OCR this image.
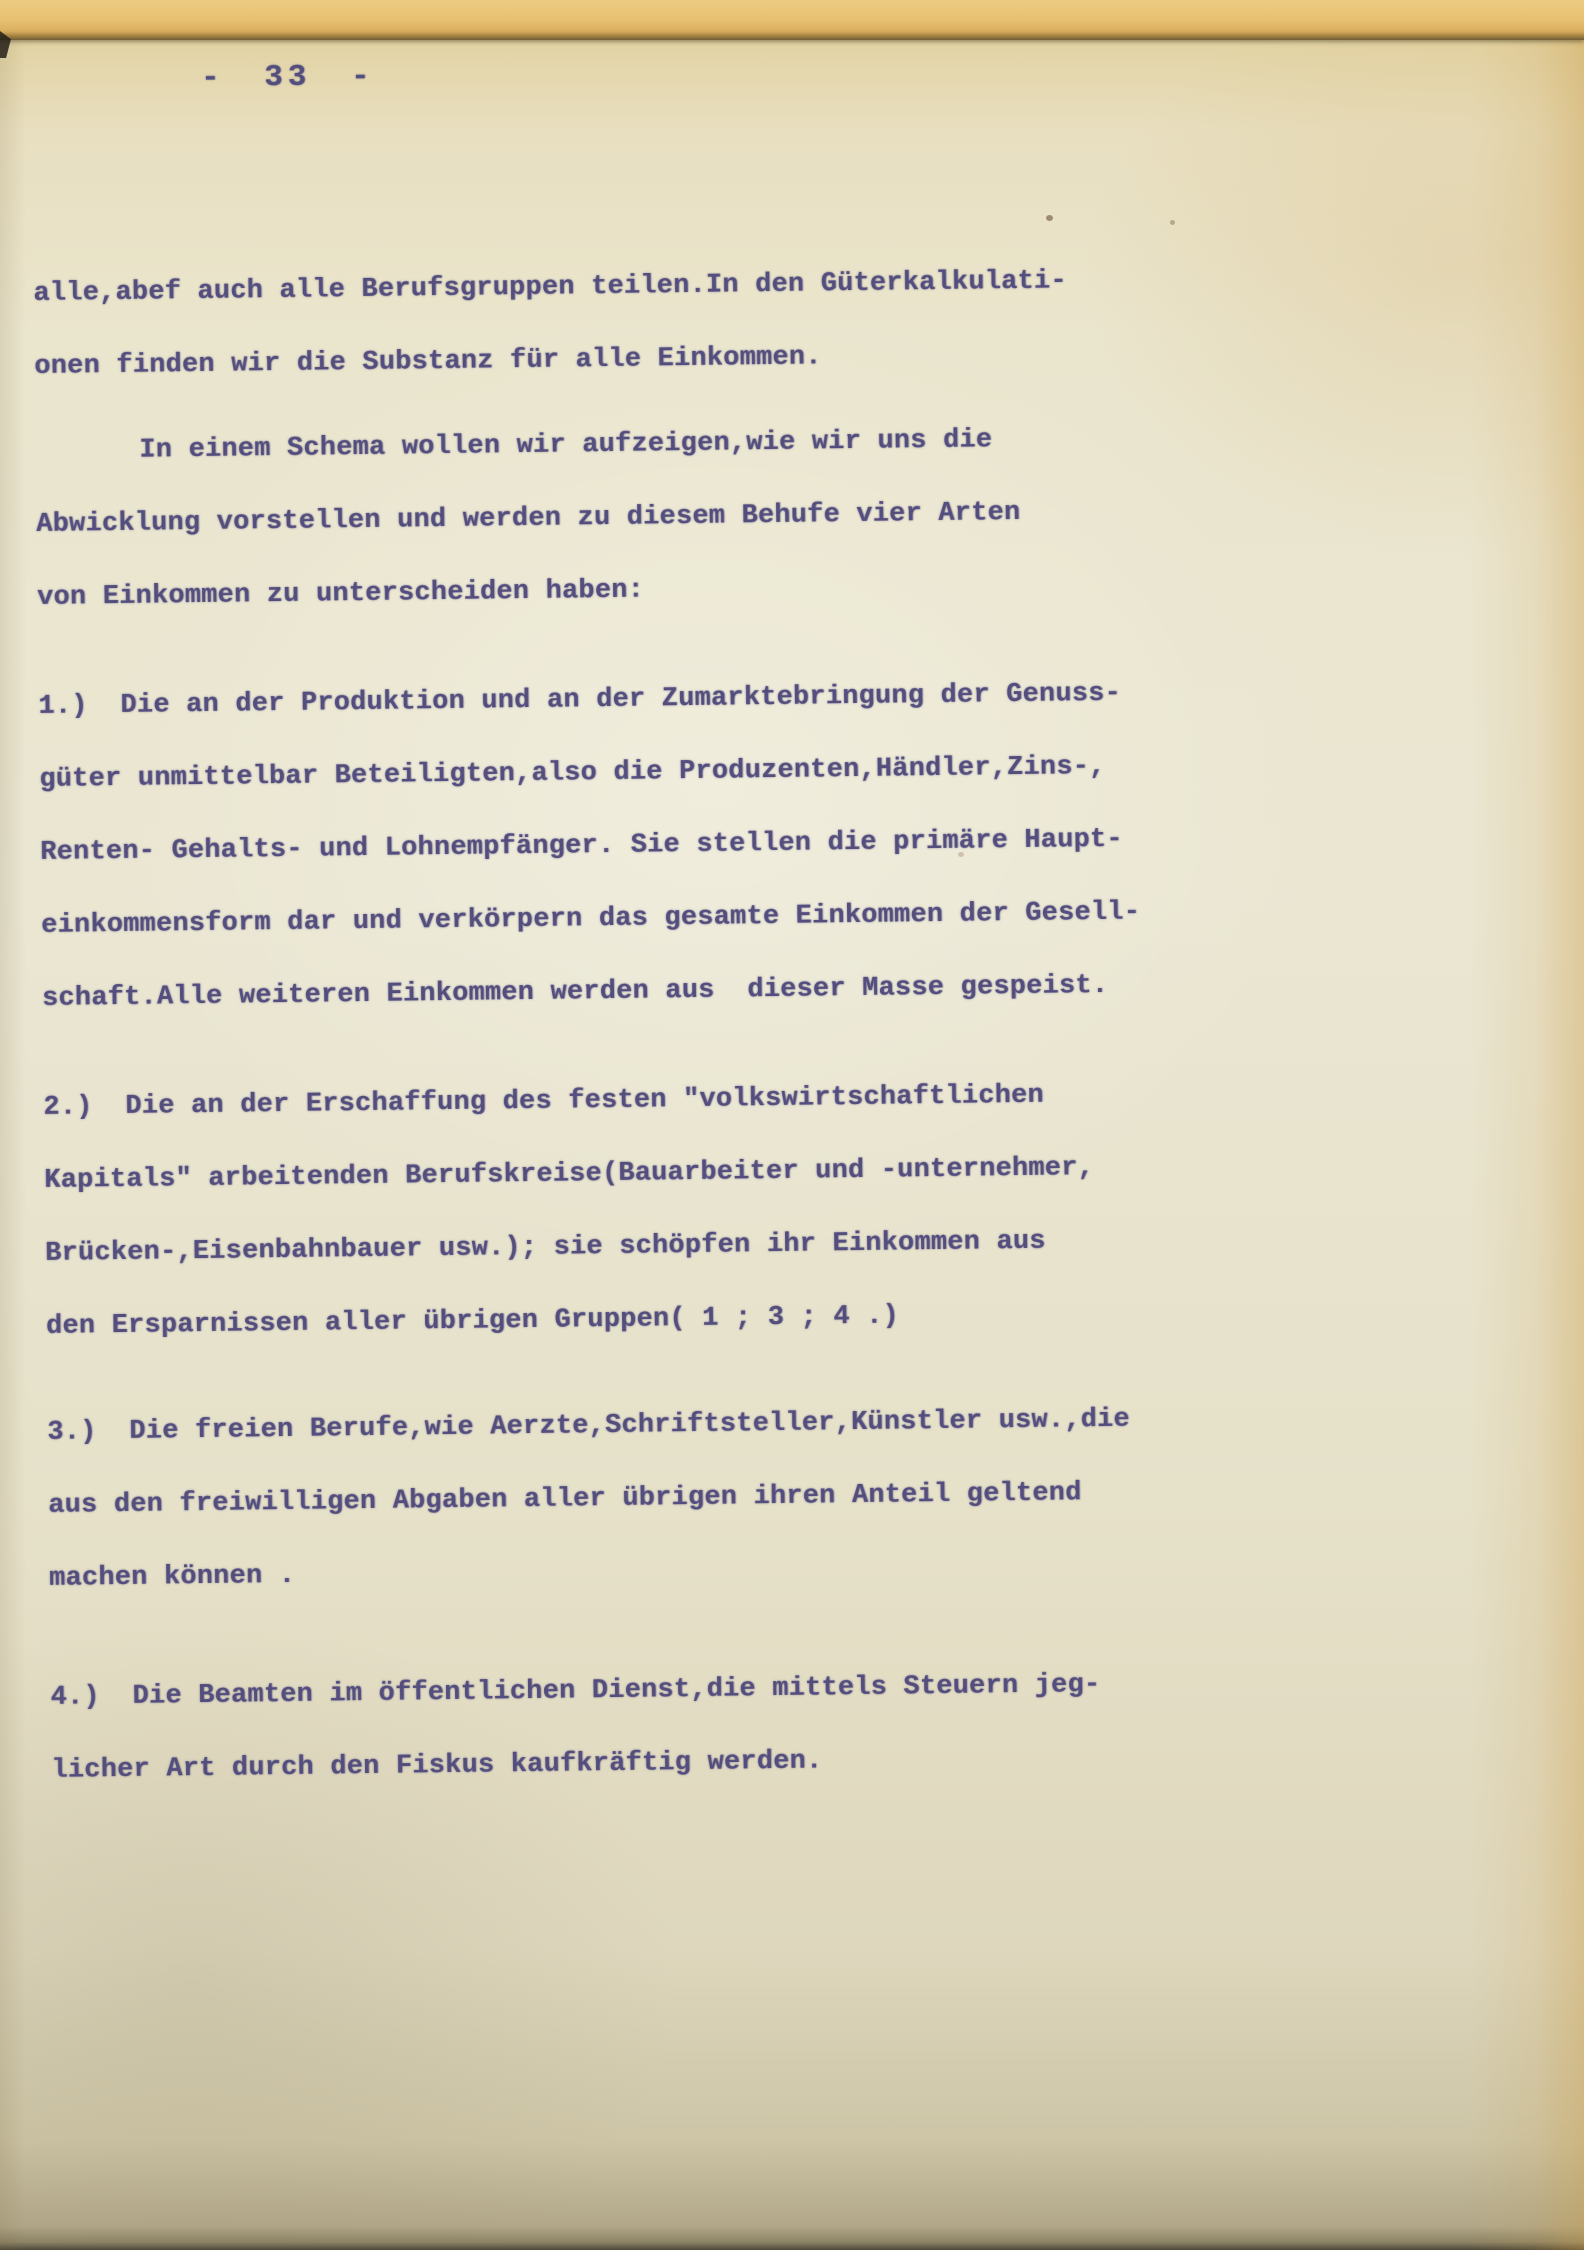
- 33 -
alle,abef auch alle Berufsgruppen teilen.In den Güterkalkulati-
onen finden wir die Substanz für alle Einkommen.
In einem Schema wollen wir aufzeigen,wie wir uns die
Abwicklung vorstellen und werden zu diesem Behufe vier Arten
von Einkommen zu unterscheiden haben:
1.)  Die an der Produktion und an der Zumarktebringung der Genuss-
güter unmittelbar Beteiligten,also die Produzenten,Händler,Zins-,
Renten- Gehalts- und Lohnempfänger. Sie stellen die primäre Haupt-
einkommensform dar und verkörpern das gesamte Einkommen der Gesell-
schaft.Alle weiteren Einkommen werden aus  dieser Masse gespeist.
2.)  Die an der Erschaffung des festen "volkswirtschaftlichen
Kapitals" arbeitenden Berufskreise(Bauarbeiter und -unternehmer,
Brücken-,Eisenbahnbauer usw.); sie schöpfen ihr Einkommen aus
den Ersparnissen aller übrigen Gruppen( 1 ; 3 ; 4 .)
3.)  Die freien Berufe,wie Aerzte,Schriftsteller,Künstler usw.,die
aus den freiwilligen Abgaben aller übrigen ihren Anteil geltend
machen können .
4.)  Die Beamten im öffentlichen Dienst,die mittels Steuern jeg-
licher Art durch den Fiskus kaufkräftig werden.
